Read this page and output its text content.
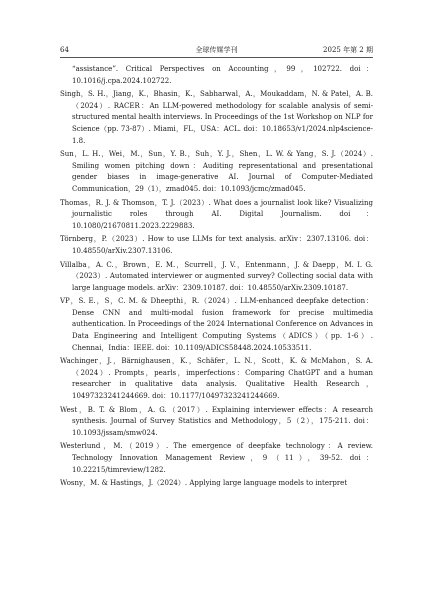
64	全球传媒学刊	2025 年第 2 期

“assistance”. Critical Perspectives on Accounting，99，102722. doi：10.1016/j.cpa.2024.102722.

Singh，S. H.，Jiang，K.，Bhasin，K.，Sabharwal，A.，Moukaddam，N. & Patel，A. B.（2024）. RACER：An LLM-powered methodology for scalable analysis of semi-structured mental health interviews. In Proceedings of the 1st Workshop on NLP for Science（pp. 73-87）. Miami，FL，USA：ACL. doi：10.18653/v1/2024.nlp4science-1.8.

Sun，L. H.，Wei，M.，Sun，Y. B.，Suh，Y. J.，Shen，L. W. & Yang，S. J.（2024）. Smiling women pitching down：Auditing representational and presentational gender biases in image-generative AI. Journal of Computer-Mediated Communication，29（1），zmad045. doi：10.1093/jcmc/zmad045.

Thomas，R. J. & Thomson，T. J.（2023）. What does a journalist look like? Visualizing journalistic roles through AI. Digital Journalism. doi：10.1080/21670811.2023.2229883.

Törnberg，P.（2023）. How to use LLMs for text analysis. arXiv：2307.13106. doi：10.48550/arXiv.2307.13106.

Villalba，A. C.，Brown，E. M.，Scurrell，J. V.，Entenmann，J. & Daepp，M. I. G.（2023）. Automated interviewer or augmented survey? Collecting social data with large language models. arXiv：2309.10187. doi：10.48550/arXiv.2309.10187.

VP，S. E.，S，C. M. & Dheepthi，R.（2024）. LLM-enhanced deepfake detection：Dense CNN and multi-modal fusion framework for precise multimedia authentication. In Proceedings of the 2024 International Conference on Advances in Data Engineering and Intelligent Computing Systems（ADICS）（pp. 1-6）. Chennai，India：IEEE. doi：10.1109/ADICS58448.2024.10533511.

Wachinger，J.，Bärnighausen，K.，Schäfer，L. N.，Scott，K. & McMahon，S. A.（2024）. Prompts，pearls，imperfections：Comparing ChatGPT and a human researcher in qualitative data analysis. Qualitative Health Research，10497323241244669. doi：10.1177/10497323241244669.

West，B. T. & Blom，A. G.（2017）. Explaining interviewer effects：A research synthesis. Journal of Survey Statistics and Methodology，5（2），175-211. doi：10.1093/jssam/smw024.

Westerlund，M.（2019）. The emergence of deepfake technology：A review. Technology Innovation Management Review，9（11），39-52. doi：10.22215/timreview/1282.

Wosny，M. & Hastings，J.（2024）. Applying large language models to interpret
